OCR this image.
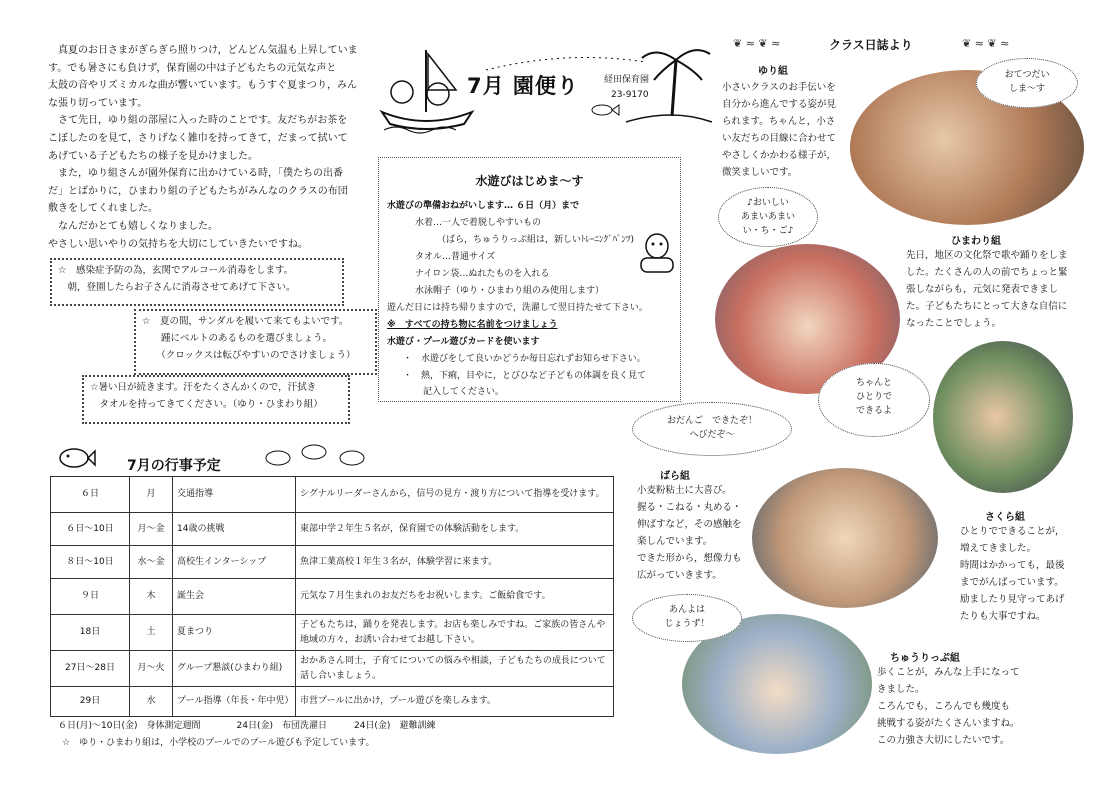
　真夏のお日さまがぎらぎら照りつけ，どんどん気温も上昇していま

す。でも暑さにも負けず，保育園の中は子どもたちの元気な声と

太鼓の音やリズミカルな曲が響いています。もうすぐ夏まつり，みん

な張り切っています。

　さて先日，ゆり組の部屋に入った時のことです。友だちがお茶を

こぼしたのを見て，さりげなく雑巾を持ってきて，だまって拭いて

あげている子どもたちの様子を見かけました。

　また，ゆり組さんが園外保育に出かけている時，「僕たちの出番

だ」とばかりに，ひまわり組の子どもたちがみんなのクラスの布団

敷きをしてくれました。

　なんだかとても嬉しくなりました。

やさしい思いやりの気持ちを大切にしていきたいですね。

☆　感染症予防の為，玄関でアルコール消毒をします。
　朝，登園したらお子さんに消毒させてあげて下さい。
☆　夏の間，サンダルを履いて来てもよいです。
　　踵にベルトのあるものを選びましょう。
　　（クロックスは転びやすいのでさけましょう）
☆暑い日が続きます。汗をたくさんかくので，汗拭き
　タオルを持ってきてください。（ゆり・ひまわり組）
7月 園便り	経田保育園
23-9170
水遊びはじめま～す
水遊びの準備おねがいします… ６日（月）まで
水着…一人で着脱しやすいもの
（ばら，ちゅうりっぷ組は，新しいﾄﾚｰﾆﾝｸﾞﾊﾟﾝﾂ)
タオル…普通サイズ
ナイロン袋…ぬれたものを入れる
水泳帽子（ゆり・ひまわり組のみ使用します）
遊んだ日には持ち帰りますので，洗濯して翌日持たせて下さい。
※　すべての持ち物に名前をつけましょう
水遊び・プール遊びカードを使います
・　水遊びをして良いかどうか毎日忘れずお知らせ下さい。
・　熱，下痢，目やに，とびひなど子どもの体調を良く見て
記入してください。
7月の行事予定
６日	月	交通指導	シグナルリーダーさんから，信号の見方・渡り方について指導を受けます。
６日～10日	月～金	14歳の挑戦	東部中学２年生５名が，保育園での体験活動をします。
８日～10日	水～金	高校生インターシップ	魚津工業高校１年生３名が，体験学習に来ます。
９日	木	誕生会	元気な７月生まれのお友だちをお祝いします。ご飯給食です。
18日	土	夏まつり	子どもたちは，踊りを発表します。お店も楽しみですね。ご家族の皆さんや地域の方々，お誘い合わせてお越し下さい。
27日～28日	月～火	グループ懇談(ひまわり組)	おかあさん同士，子育てについての悩みや相談，子どもたちの成長について話し合いましょう。
29日	水	プール指導（年長・年中児）	市営プールに出かけ，プール遊びを楽しみます。
６日(月)～10日(金)　身体測定週間　　　　24日(金)　布団洗濯日　　　24日(金)　避難訓練
☆　ゆり・ひまわり組は，小学校のプールでのプール遊びも予定しています。
❦ ≈ ❦ ≈	クラス日誌より	❦ ≈ ❦ ≈
ゆり組
小さいクラスのお手伝いを
自分から進んでする姿が見
られます。ちゃんと，小さ
い友だちの目線に合わせて
やさしくかかわる様子が，
微笑ましいです。
ひまわり組
先日，地区の文化祭で歌や踊りをしま
した。たくさんの人の前でちょっと緊
張しながらも，元気に発表できまし
た。子どもたちにとって大きな自信に
なったことでしょう。
ばら組
小麦粉粘土に大喜び。
握る・こねる・丸める・
伸ばすなど，その感触を
楽しんでいます。
できた形から，想像力も
広がっていきます。
さくら組
ひとりでできることが，
増えてきました。
時間はかかっても，最後
までがんばっています。
励ましたり見守ってあげ
たりも大事ですね。
ちゅうりっぷ組
歩くことが，みんな上手になって
きました。
ころんでも，ころんでも幾度も
挑戦する姿がたくさんいますね。
この力強さ大切にしたいです。
おてつだい
しま～す
♪おいしい
あまいあまい
い・ち・ご♪
ちゃんと
ひとりで
できるよ
おだんご　できたぞ！
へびだぞ～
あんよは
じょうず！
